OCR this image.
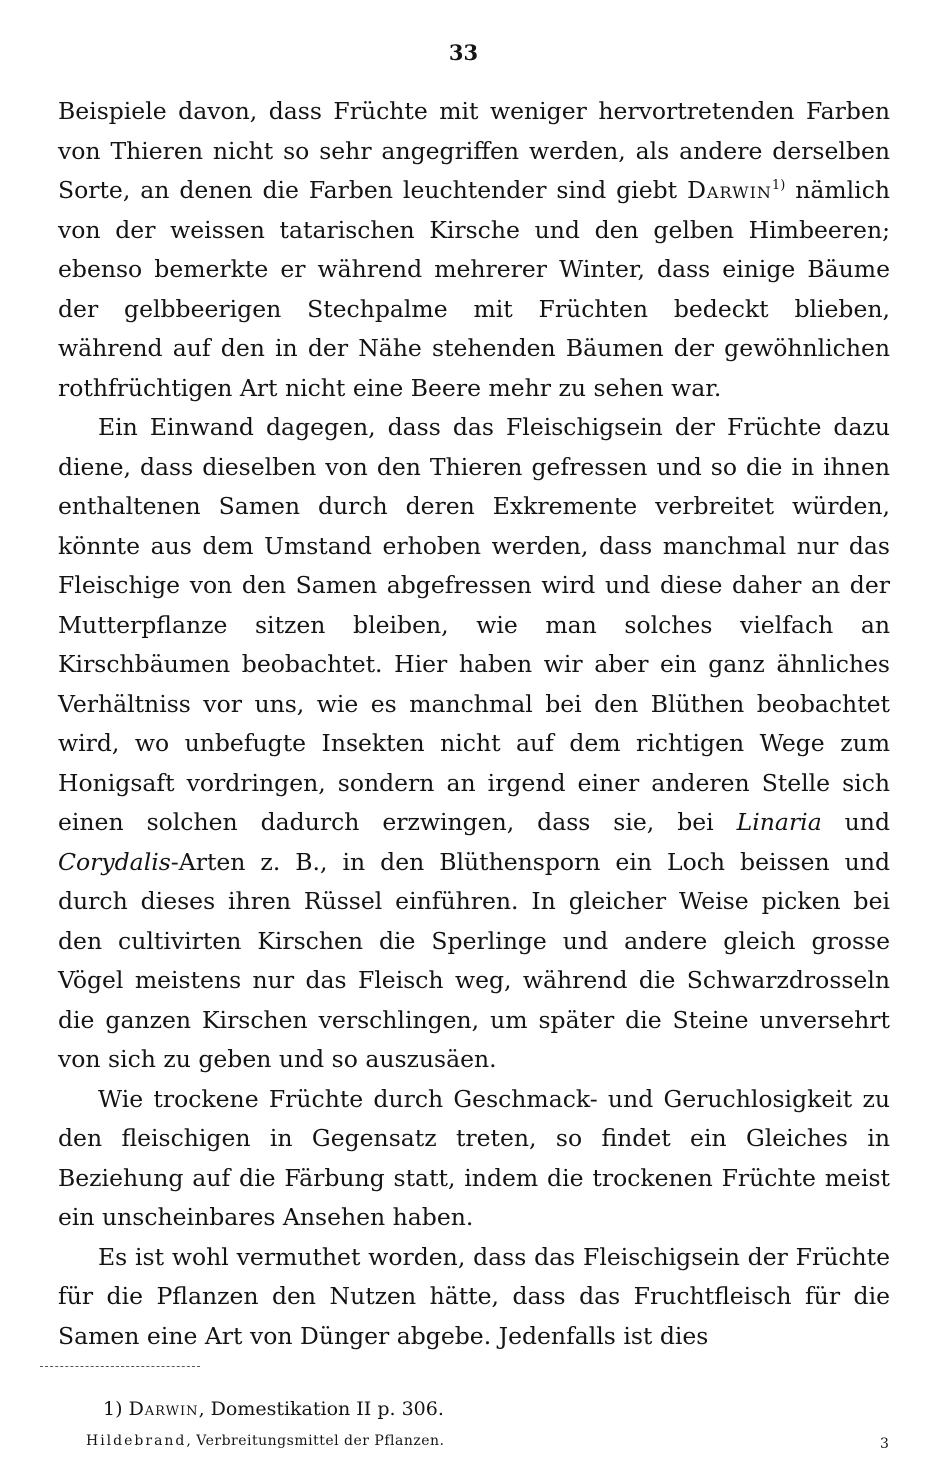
33

Beispiele davon, dass Früchte mit weniger hervortretenden Farben von Thieren nicht so sehr angegriffen werden, als andere derselben Sorte, an denen die Farben leuchtender sind giebt Darwin$^{1)}$ nämlich von der weissen tatarischen Kirsche und den gelben Himbeeren; ebenso bemerkte er während mehrerer Winter, dass einige Bäume der gelbbeerigen Stechpalme mit Früchten bedeckt blieben, während auf den in der Nähe stehenden Bäumen der gewöhnlichen rothfrüchtigen Art nicht eine Beere mehr zu sehen war.

Ein Einwand dagegen, dass das Fleischigsein der Früchte dazu diene, dass dieselben von den Thieren gefressen und so die in ihnen enthaltenen Samen durch deren Exkremente verbreitet würden, könnte aus dem Umstand erhoben werden, dass manchmal nur das Fleischige von den Samen abgefressen wird und diese daher an der Mutterpflanze sitzen bleiben, wie man solches vielfach an Kirschbäumen beobachtet. Hier haben wir aber ein ganz ähnliches Verhältniss vor uns, wie es manchmal bei den Blüthen beobachtet wird, wo unbefugte Insekten nicht auf dem richtigen Wege zum Honigsaft vordringen, sondern an irgend einer anderen Stelle sich einen solchen dadurch erzwingen, dass sie, bei Linaria und Corydalis-Arten z. B., in den Blüthensporn ein Loch beissen und durch dieses ihren Rüssel einführen. In gleicher Weise picken bei den cultivirten Kirschen die Sperlinge und andere gleich grosse Vögel meistens nur das Fleisch weg, während die Schwarzdrosseln die ganzen Kirschen verschlingen, um später die Steine unversehrt von sich zu geben und so auszusäen.

Wie trockene Früchte durch Geschmack- und Geruchlosigkeit zu den fleischigen in Gegensatz treten, so findet ein Gleiches in Beziehung auf die Färbung statt, indem die trockenen Früchte meist ein unscheinbares Ansehen haben.

Es ist wohl vermuthet worden, dass das Fleischigsein der Früchte für die Pflanzen den Nutzen hätte, dass das Fruchtfleisch für die Samen eine Art von Dünger abgebe. Jedenfalls ist dies

1) Darwin, Domestikation II p. 306.
Hildebrand, Verbreitungsmittel der Pflanzen.	3
